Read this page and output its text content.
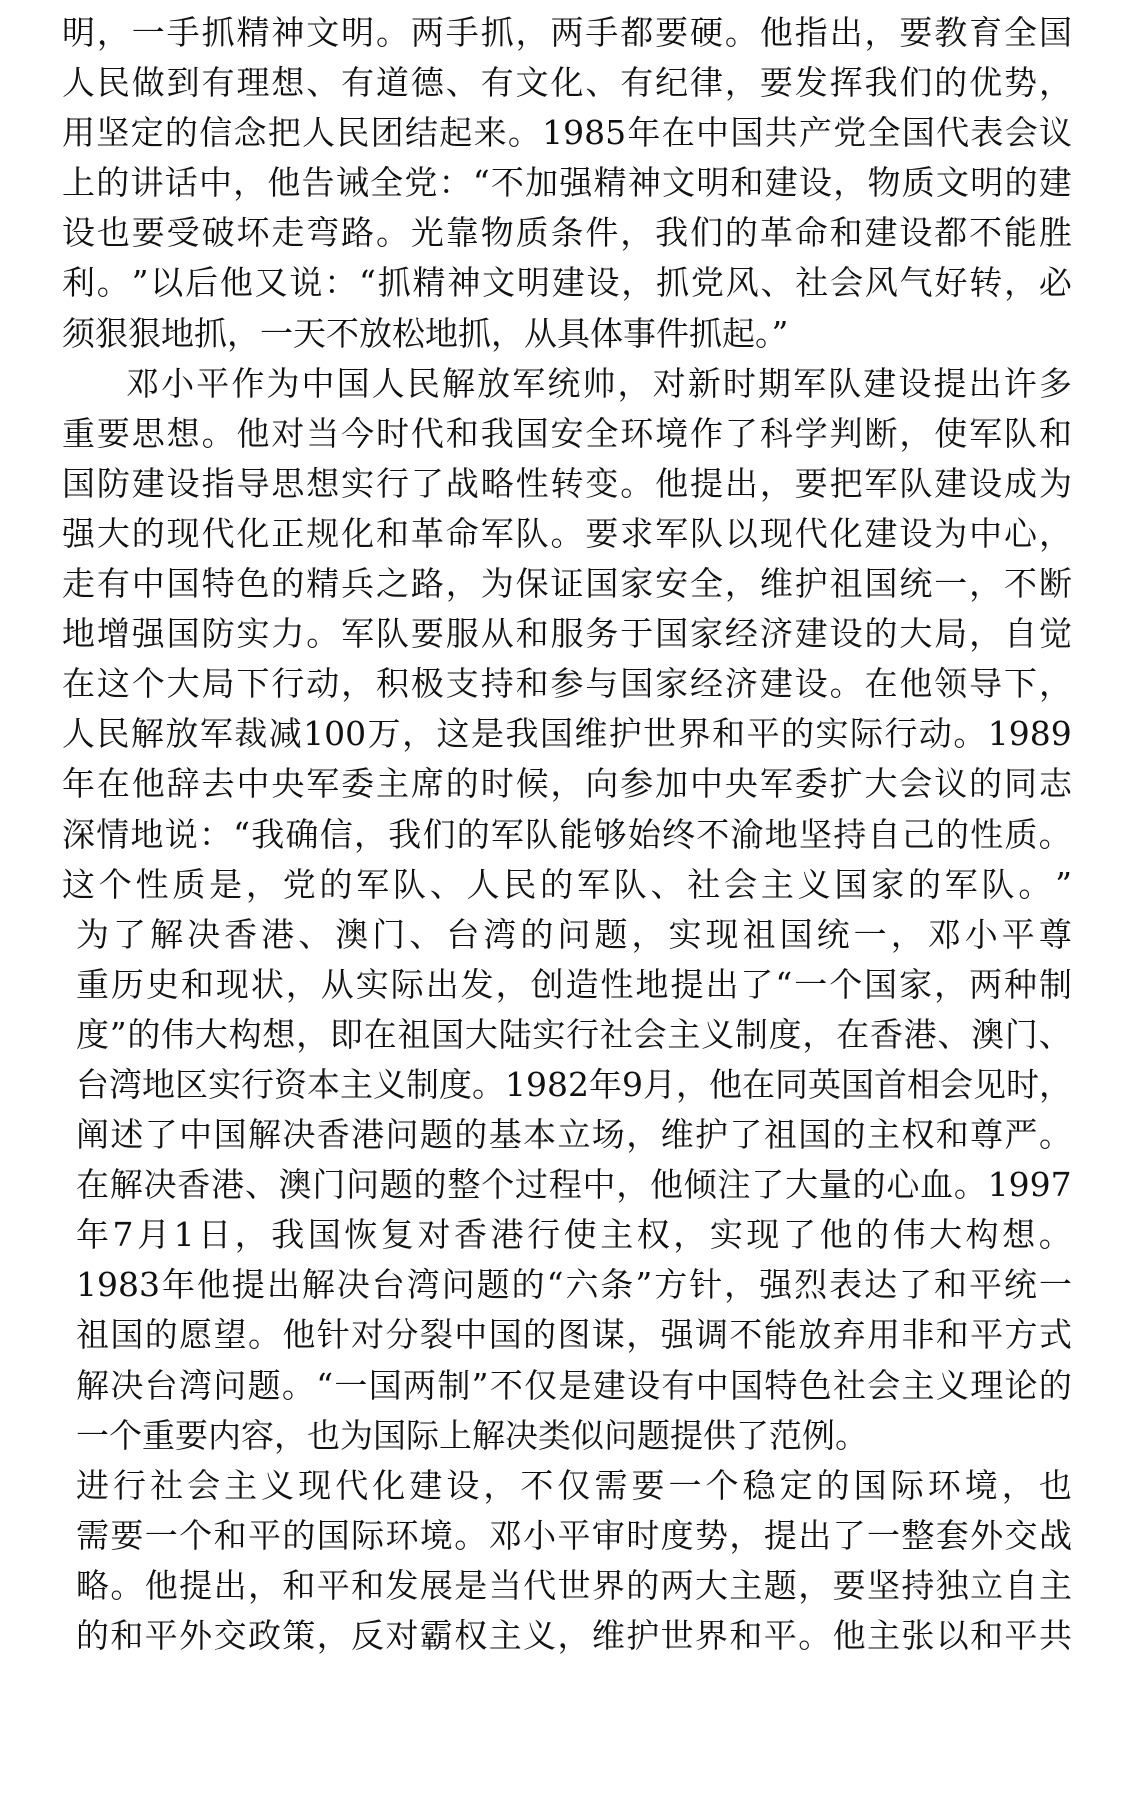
明 ， 一 手 抓 精 神 文 明 。 两 手 抓 ， 两 手 都 要 硬 。 他 指 出 ， 要 教 育 全 国
人 民 做 到 有 理 想 、 有 道 德 、 有 文 化 、 有 纪 律 ， 要 发 挥 我 们 的 优 势 ，
用 坚 定 的 信 念 把 人 民 团 结 起 来 。 1985 年 在 中 国 共 产 党 全 国 代 表 会 议
上 的 讲 话 中 ， 他 告 诫 全 党 ： “ 不 加 强 精 神 文 明 和 建 设 ， 物 质 文 明 的 建
设 也 要 受 破 坏 走 弯 路 。 光 靠 物 质 条 件 ， 我 们 的 革 命 和 建 设 都 不 能 胜
利 。 ” 以 后 他 又 说 ： “ 抓 精 神 文 明 建 设 ， 抓 党 风 、 社 会 风 气 好 转 ， 必
须狠狠地抓，一天不放松地抓，从具体事件抓起。”
邓 小 平 作 为 中 国 人 民 解 放 军 统 帅 ， 对 新 时 期 军 队 建 设 提 出 许 多
重 要 思 想 。 他 对 当 今 时 代 和 我 国 安 全 环 境 作 了 科 学 判 断 ， 使 军 队 和
国 防 建 设 指 导 思 想 实 行 了 战 略 性 转 变 。 他 提 出 ， 要 把 军 队 建 设 成 为
强 大 的 现 代 化 正 规 化 和 革 命 军 队 。 要 求 军 队 以 现 代 化 建 设 为 中 心 ，
走 有 中 国 特 色 的 精 兵 之 路 ， 为 保 证 国 家 安 全 ， 维 护 祖 国 统 一 ， 不 断
地 增 强 国 防 实 力 。 军 队 要 服 从 和 服 务 于 国 家 经 济 建 设 的 大 局 ， 自 觉
在 这 个 大 局 下 行 动 ， 积 极 支 持 和 参 与 国 家 经 济 建 设 。 在 他 领 导 下 ，
人 民 解 放 军 裁 减 100 万 ， 这 是 我 国 维 护 世 界 和 平 的 实 际 行 动 。 1989
年 在 他 辞 去 中 央 军 委 主 席 的 时 候 ， 向 参 加 中 央 军 委 扩 大 会 议 的 同 志
深 情 地 说 ： “ 我 确 信 ， 我 们 的 军 队 能 够 始 终 不 渝 地 坚 持 自 己 的 性 质 。
这 个 性 质 是 ， 党 的 军 队 、 人 民 的 军 队 、 社 会 主 义 国 家 的 军 队 。 ”
为 了 解 决 香 港 、 澳 门 、 台 湾 的 问 题 ， 实 现 祖 国 统 一 ， 邓 小 平 尊
重 历 史 和 现 状 ， 从 实 际 出 发 ， 创 造 性 地 提 出 了 “ 一 个 国 家 ， 两 种 制
度 ” 的 伟 大 构 想 ， 即 在 祖 国 大 陆 实 行 社 会 主 义 制 度 ， 在 香 港 、 澳 门 、
台 湾 地 区 实 行 资 本 主 义 制 度 。 1982 年 9 月 ， 他 在 同 英 国 首 相 会 见 时 ，
阐 述 了 中 国 解 决 香 港 问 题 的 基 本 立 场 ， 维 护 了 祖 国 的 主 权 和 尊 严 。
在 解 决 香 港 、 澳 门 问 题 的 整 个 过 程 中 ， 他 倾 注 了 大 量 的 心 血 。 1997
年 7 月 1 日 ， 我 国 恢 复 对 香 港 行 使 主 权 ， 实 现 了 他 的 伟 大 构 想 。
1983 年 他 提 出 解 决 台 湾 问 题 的 “ 六 条 ” 方 针 ， 强 烈 表 达 了 和 平 统 一
祖 国 的 愿 望 。 他 针 对 分 裂 中 国 的 图 谋 ， 强 调 不 能 放 弃 用 非 和 平 方 式
解 决 台 湾 问 题 。 “ 一 国 两 制 ” 不 仅 是 建 设 有 中 国 特 色 社 会 主 义 理 论 的
一个重要内容，也为国际上解决类似问题提供了范例。
进 行 社 会 主 义 现 代 化 建 设 ， 不 仅 需 要 一 个 稳 定 的 国 际 环 境 ， 也
需 要 一 个 和 平 的 国 际 环 境 。 邓 小 平 审 时 度 势 ， 提 出 了 一 整 套 外 交 战
略 。 他 提 出 ， 和 平 和 发 展 是 当 代 世 界 的 两 大 主 题 ， 要 坚 持 独 立 自 主
的 和 平 外 交 政 策 ， 反 对 霸 权 主 义 ， 维 护 世 界 和 平 。 他 主 张 以 和 平 共
